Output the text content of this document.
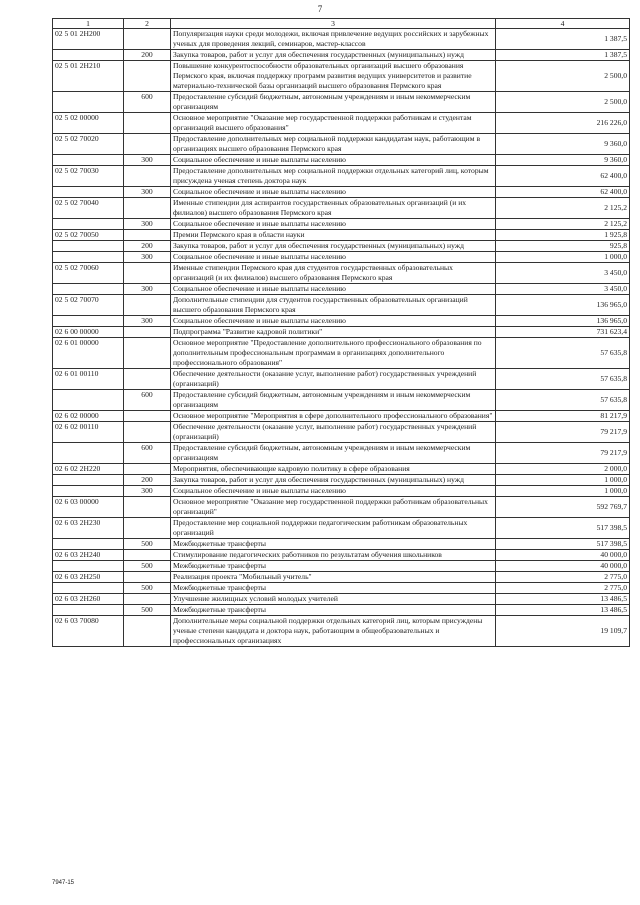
7
1	2	3	4
02 5 01 2Н200		Популяризация науки среди молодежи, включая привлечение ведущих российских и зарубежных ученых для проведения лекций, семинаров, мастер-классов	1 387,5
	200	Закупка товаров, работ и услуг для обеспечения государственных (муниципальных) нужд	1 387,5
02 5 01 2Н210		Повышение конкурентоспособности образовательных организаций высшего образования Пермского края, включая поддержку программ развития ведущих университетов и развитие материально-технической базы организаций высшего образования Пермского края	2 500,0
	600	Предоставление субсидий бюджетным, автономным учреждениям и иным некоммерческим организациям	2 500,0
02 5 02 00000		Основное мероприятие "Оказание мер государственной поддержки работникам и студентам организаций высшего образования"	216 226,0
02 5 02 70020		Предоставление дополнительных мер социальной поддержки кандидатам наук, работающим в организациях высшего образования Пермского края	9 360,0
	300	Социальное обеспечение и иные выплаты населению	9 360,0
02 5 02 70030		Предоставление дополнительных мер социальной поддержки отдельных категорий лиц, которым присуждена ученая степень доктора наук	62 400,0
	300	Социальное обеспечение и иные выплаты населению	62 400,0
02 5 02 70040		Именные стипендии для аспирантов государственных образовательных организаций (и их филиалов) высшего образования Пермского края	2 125,2
	300	Социальное обеспечение и иные выплаты населению	2 125,2
02 5 02 70050		Премии Пермского края в области науки	1 925,8
	200	Закупка товаров, работ и услуг для обеспечения государственных (муниципальных) нужд	925,8
	300	Социальное обеспечение и иные выплаты населению	1 000,0
02 5 02 70060		Именные стипендии Пермского края для студентов государственных образовательных организаций (и их филиалов) высшего образования Пермского края	3 450,0
	300	Социальное обеспечение и иные выплаты населению	3 450,0
02 5 02 70070		Дополнительные стипендии для студентов государственных образовательных организаций высшего образования Пермского края	136 965,0
	300	Социальное обеспечение и иные выплаты населению	136 965,0
02 6 00 00000		Подпрограмма "Развитие кадровой политики"	731 623,4
02 6 01 00000		Основное мероприятие "Предоставление дополнительного профессионального образования по дополнительным профессиональным программам в организациях дополнительного профессионального образования"	57 635,8
02 6 01 00110		Обеспечение деятельности (оказание услуг, выполнение работ) государственных учреждений (организаций)	57 635,8
	600	Предоставление субсидий бюджетным, автономным учреждениям и иным некоммерческим организациям	57 635,8
02 6 02 00000		Основное мероприятие "Мероприятия в сфере дополнительного профессионального образования"	81 217,9
02 6 02 00110		Обеспечение деятельности (оказание услуг, выполнение работ) государственных учреждений (организаций)	79 217,9
	600	Предоставление субсидий бюджетным, автономным учреждениям и иным некоммерческим организациям	79 217,9
02 6 02 2Н220		Мероприятия, обеспечивающие кадровую политику в сфере образования	2 000,0
	200	Закупка товаров, работ и услуг для обеспечения государственных (муниципальных) нужд	1 000,0
	300	Социальное обеспечение и иные выплаты населению	1 000,0
02 6 03 00000		Основное мероприятие "Оказание мер государственной поддержки работникам образовательных организаций"	592 769,7
02 6 03 2Н230		Предоставление мер социальной поддержки педагогическим работникам образовательных организаций	517 398,5
	500	Межбюджетные трансферты	517 398,5
02 6 03 2Н240		Стимулирование педагогических работников по результатам обучения школьников	40 000,0
	500	Межбюджетные трансферты	40 000,0
02 6 03 2Н250		Реализация проекта "Мобильный учитель"	2 775,0
	500	Межбюджетные трансферты	2 775,0
02 6 03 2Н260		Улучшение жилищных условий молодых учителей	13 486,5
	500	Межбюджетные трансферты	13 486,5
02 6 03 70080		Дополнительные меры социальной поддержки отдельных категорий лиц, которым присуждены ученые степени кандидата и доктора наук, работающим в общеобразовательных и профессиональных организациях	19 109,7
7947-15
